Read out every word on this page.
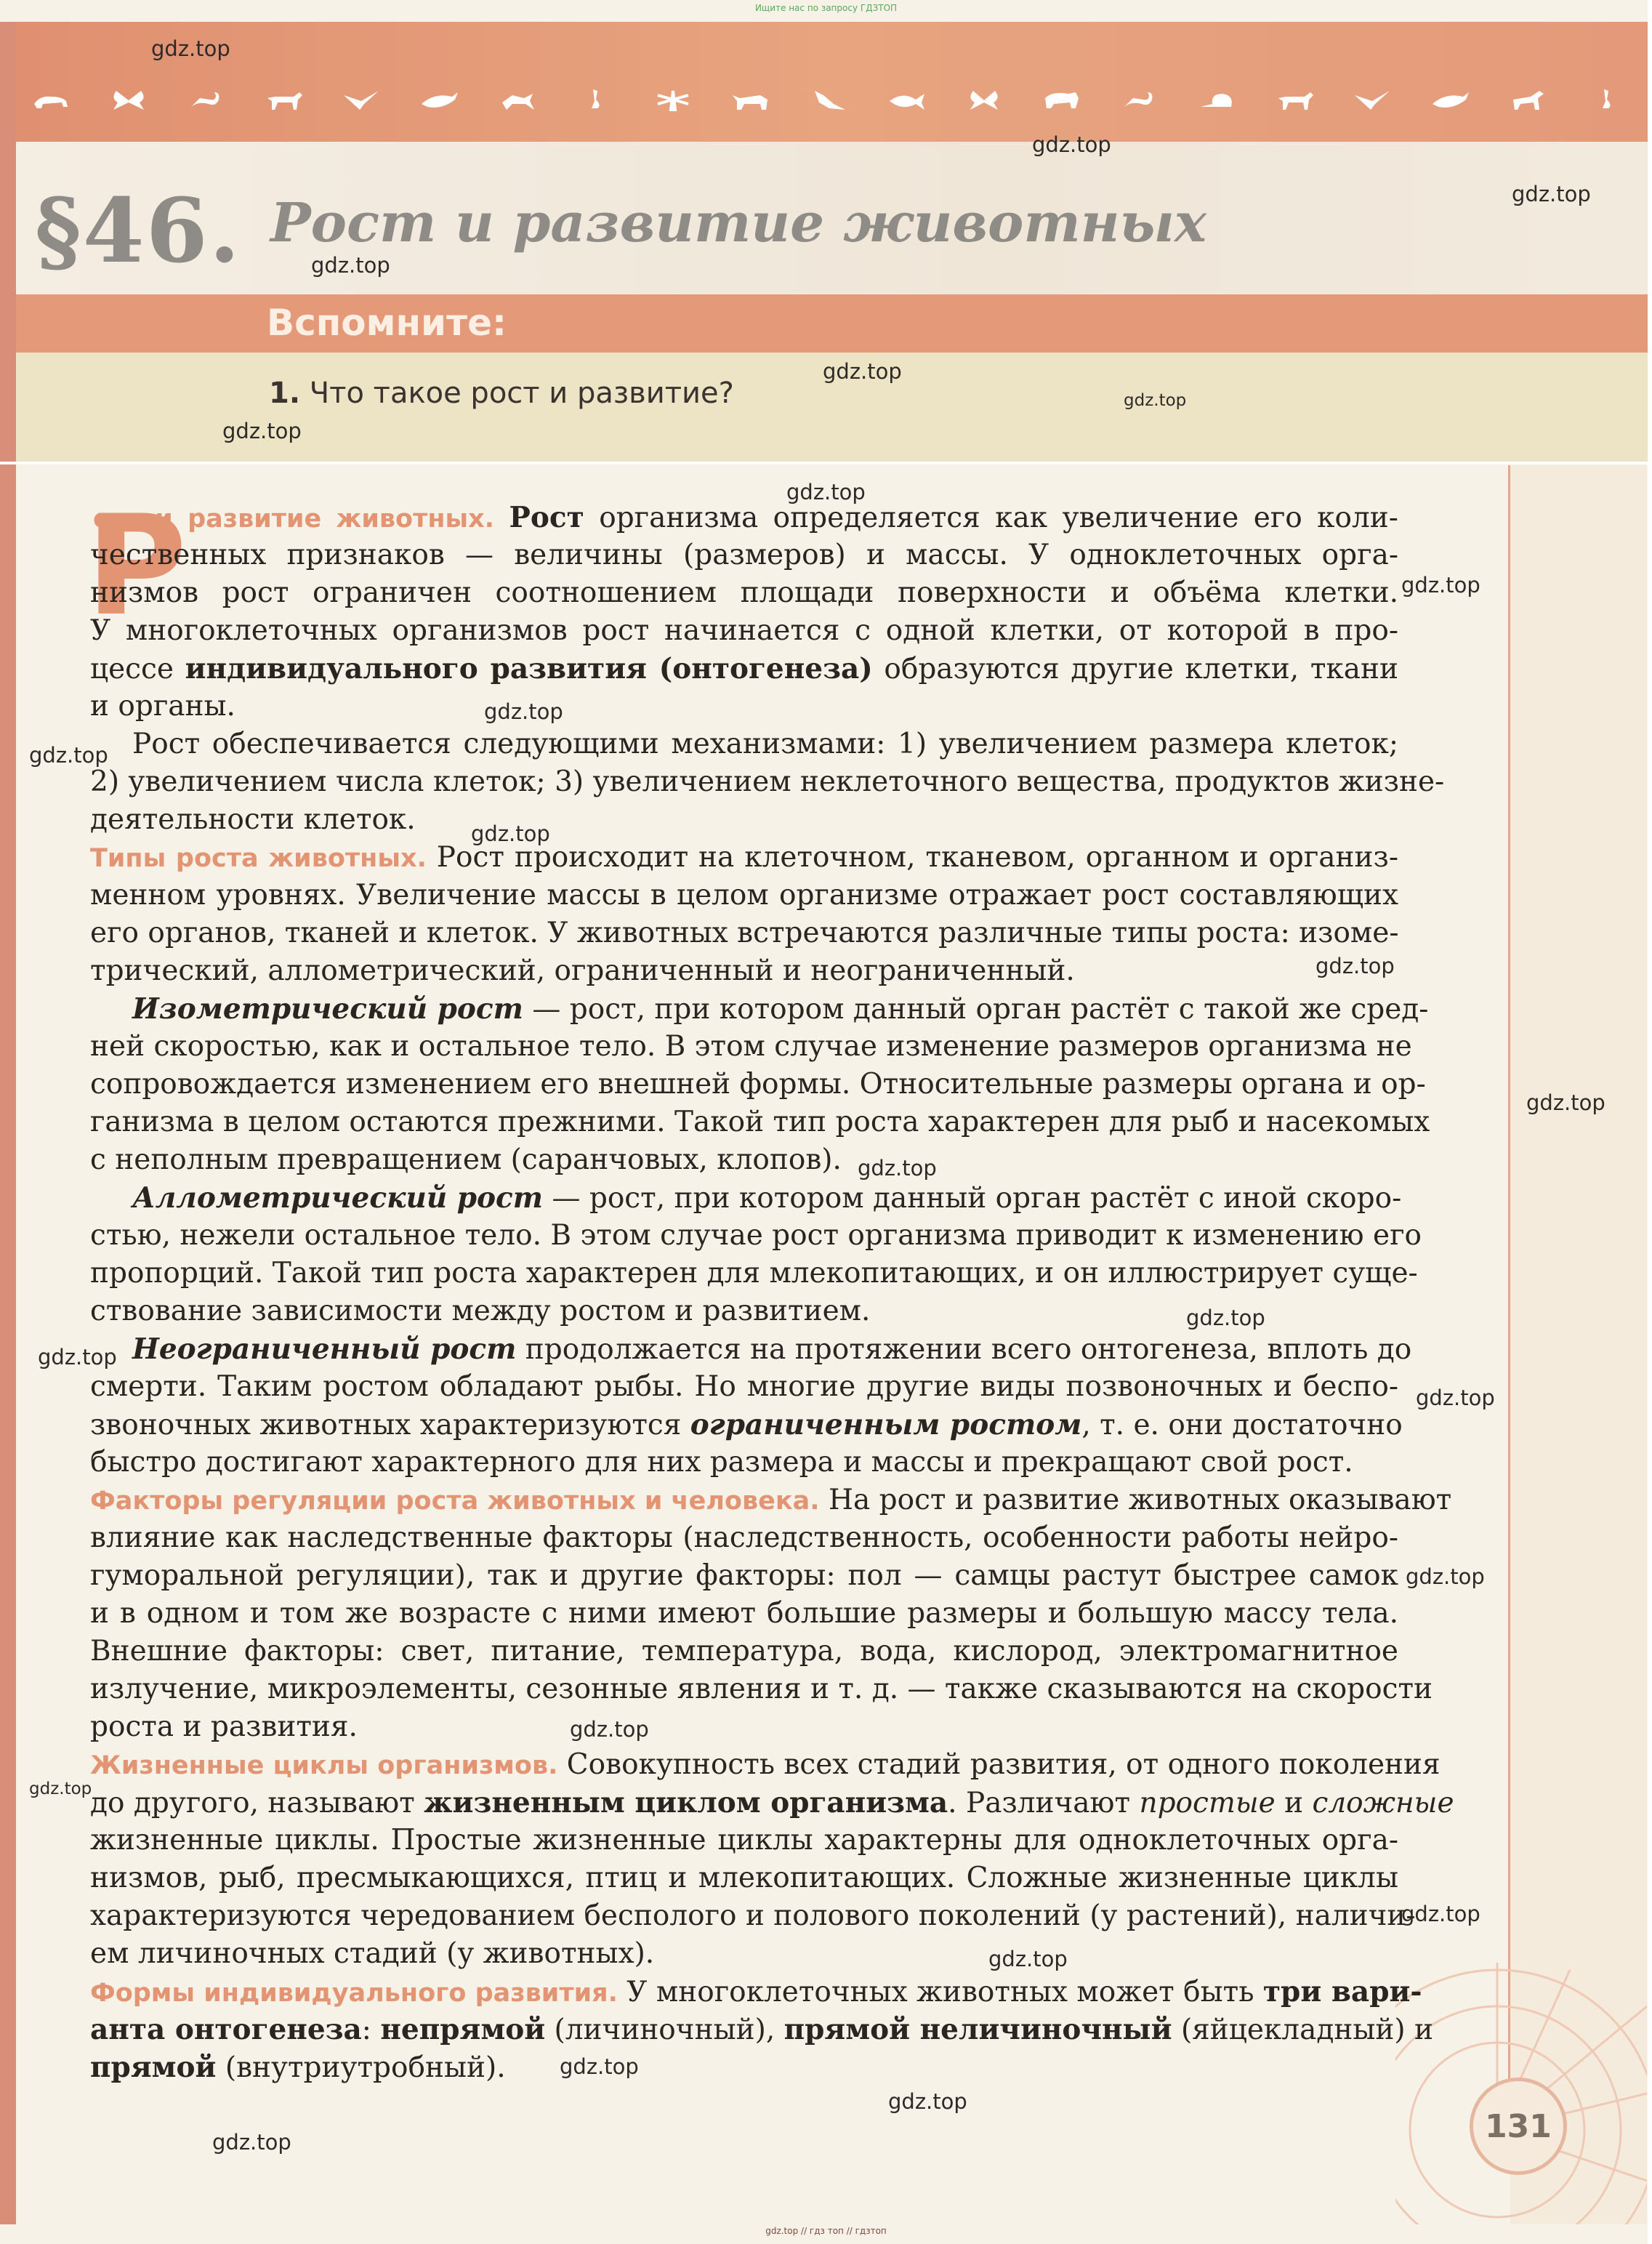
Ищите нас по запросу ГДЗТОП
§46. Рост и развитие животных
Вспомните:
1. Что такое рост и развитие?
131
Р
ост и развитие животных. Рост организма определяется как увеличение его коли-
чественных признаков — величины (размеров) и массы. У одноклеточных орга-
низмов рост ограничен соотношением площади поверхности и объёма клетки.
У многоклеточных организмов рост начинается с одной клетки, от которой в про-
цессе индивидуального развития (онтогенеза) образуются другие клетки, ткани
и органы.
Рост обеспечивается следующими механизмами: 1) увеличением размера клеток;
2) увеличением числа клеток; 3) увеличением неклеточного вещества, продуктов жизне-
деятельности клеток.
Типы роста животных. Рост происходит на клеточном, тканевом, органном и организ-
менном уровнях. Увеличение массы в целом организме отражает рост составляющих
его органов, тканей и клеток. У животных встречаются различные типы роста: изоме-
трический, аллометрический, ограниченный и неограниченный.
Изометрический рост — рост, при котором данный орган растёт с такой же сред-
ней скоростью, как и остальное тело. В этом случае изменение размеров организма не
сопровождается изменением его внешней формы. Относительные размеры органа и ор-
ганизма в целом остаются прежними. Такой тип роста характерен для рыб и насекомых
с неполным превращением (саранчовых, клопов).
Аллометрический рост — рост, при котором данный орган растёт с иной скоро-
стью, нежели остальное тело. В этом случае рост организма приводит к изменению его
пропорций. Такой тип роста характерен для млекопитающих, и он иллюстрирует суще-
ствование зависимости между ростом и развитием.
Неограниченный рост продолжается на протяжении всего онтогенеза, вплоть до
смерти. Таким ростом обладают рыбы. Но многие другие виды позвоночных и беспо-
звоночных животных характеризуются ограниченным ростом, т. е. они достаточно
быстро достигают характерного для них размера и массы и прекращают свой рост.
Факторы регуляции роста животных и человека. На рост и развитие животных оказывают
влияние как наследственные факторы (наследственность, особенности работы нейро-
гуморальной регуляции), так и другие факторы: пол — самцы растут быстрее самок
и в одном и том же возрасте с ними имеют большие размеры и большую массу тела.
Внешние факторы: свет, питание, температура, вода, кислород, электромагнитное
излучение, микроэлементы, сезонные явления и т. д. — также сказываются на скорости
роста и развития.
Жизненные циклы организмов. Совокупность всех стадий развития, от одного поколения
до другого, называют жизненным циклом организма. Различают простые и сложные
жизненные циклы. Простые жизненные циклы характерны для одноклеточных орга-
низмов, рыб, пресмыкающихся, птиц и млекопитающих. Сложные жизненные циклы
характеризуются чередованием бесполого и полового поколений (у растений), наличи-
ем личиночных стадий (у животных).
Формы индивидуального развития. У многоклеточных животных может быть три вари-
анта онтогенеза: непрямой (личиночный), прямой неличиночный (яйцекладный) и
прямой (внутриутробный).
gdz.top
gdz.top
gdz.top
gdz.top
gdz.top
gdz.top
gdz.top
gdz.top
gdz.top
gdz.top
gdz.top
gdz.top
gdz.top
gdz.top
gdz.top
gdz.top
gdz.top
gdz.top
gdz.top
gdz.top
gdz.top
gdz.top
gdz.top
gdz.top
gdz.top
gdz.top
gdz.top // гдз топ // гдзтоп
